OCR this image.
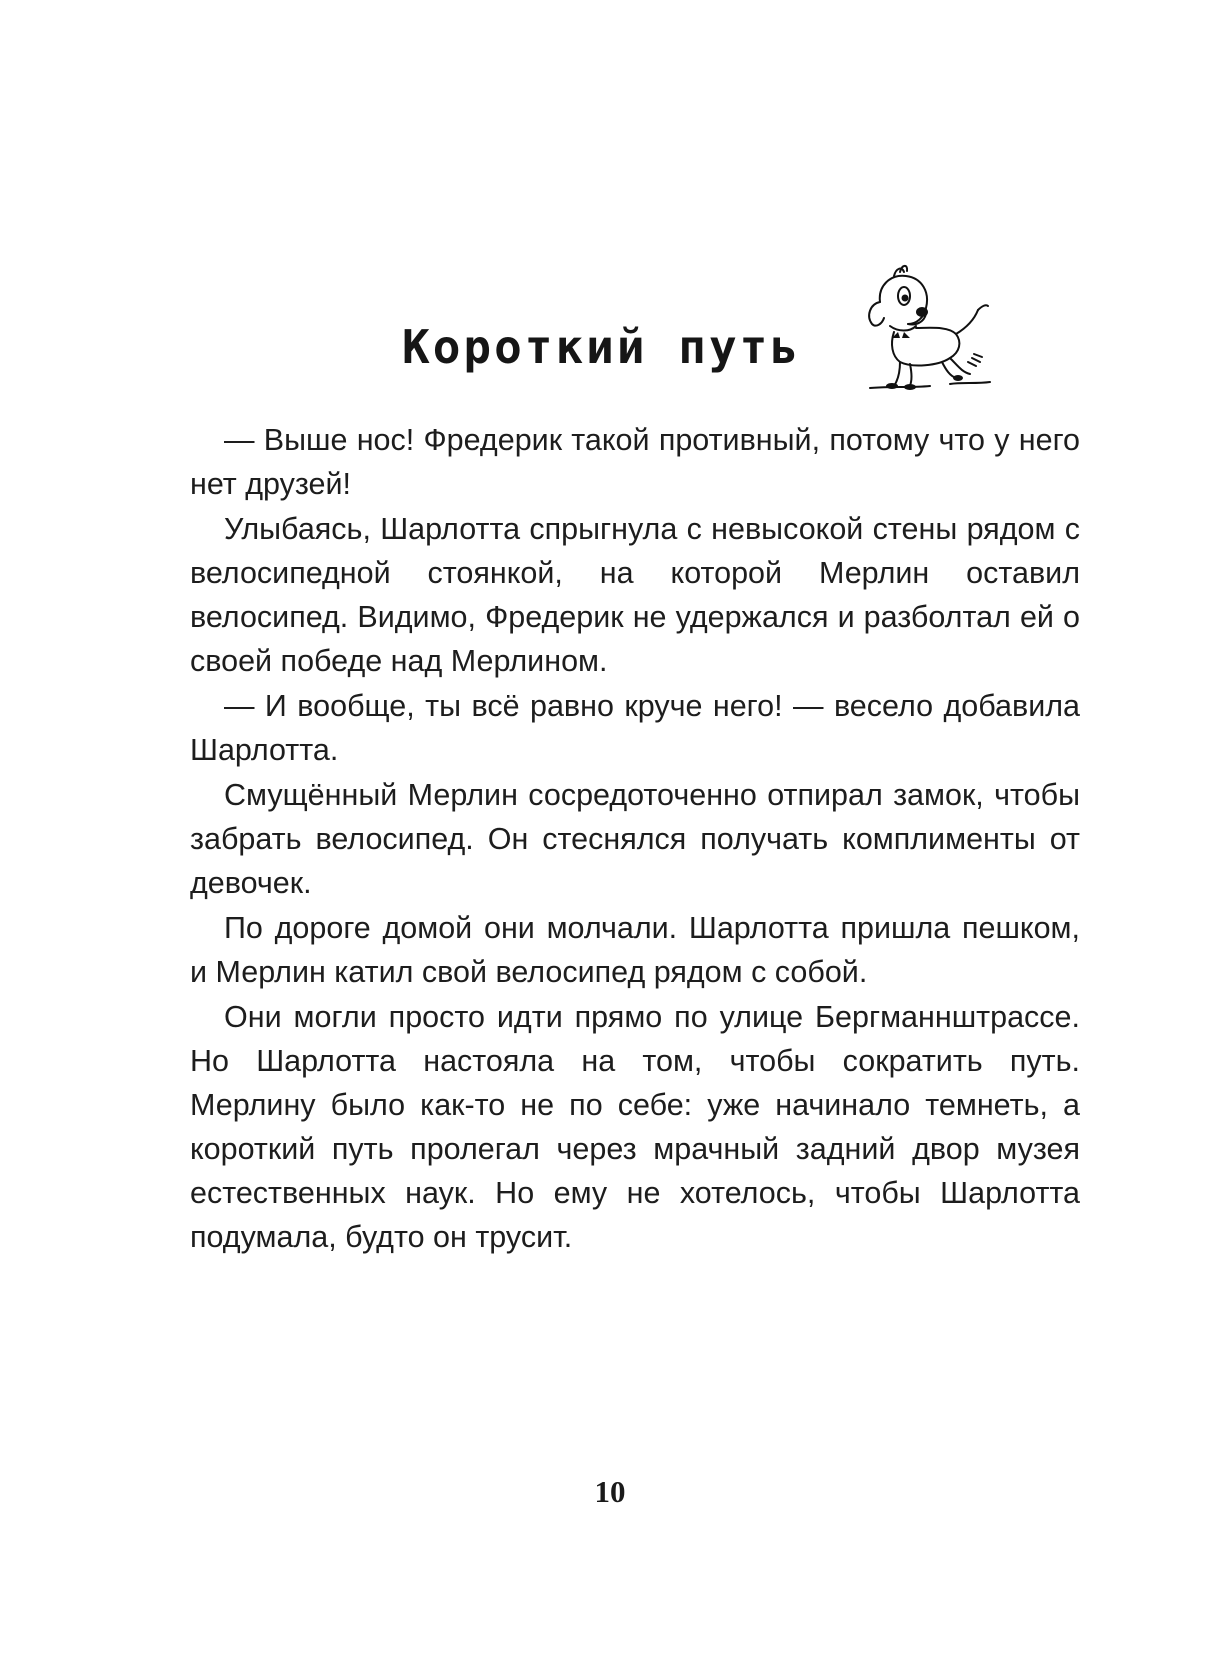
Короткий путь

— Выше нос! Фредерик такой противный, потому что у него нет друзей!

Улыбаясь, Шарлотта спрыгнула с невысокой стены рядом с велосипедной стоянкой, на которой Мерлин оставил велосипед. Видимо, Фредерик не удержался и разболтал ей о своей победе над Мерлином.

— И вообще, ты всё равно круче него! — весело добавила Шарлотта.

Смущённый Мерлин сосредоточенно отпирал замок, чтобы забрать велосипед. Он стеснялся получать комплименты от девочек.

По дороге домой они молчали. Шарлотта пришла пешком, и Мерлин катил свой велосипед рядом с собой.

Они могли просто идти прямо по улице Бергманнштрассе. Но Шарлотта настояла на том, чтобы сократить путь. Мерлину было как-то не по себе: уже начинало темнеть, а короткий путь пролегал через мрачный задний двор музея естественных наук. Но ему не хотелось, чтобы Шарлотта подумала, будто он трусит.

10
